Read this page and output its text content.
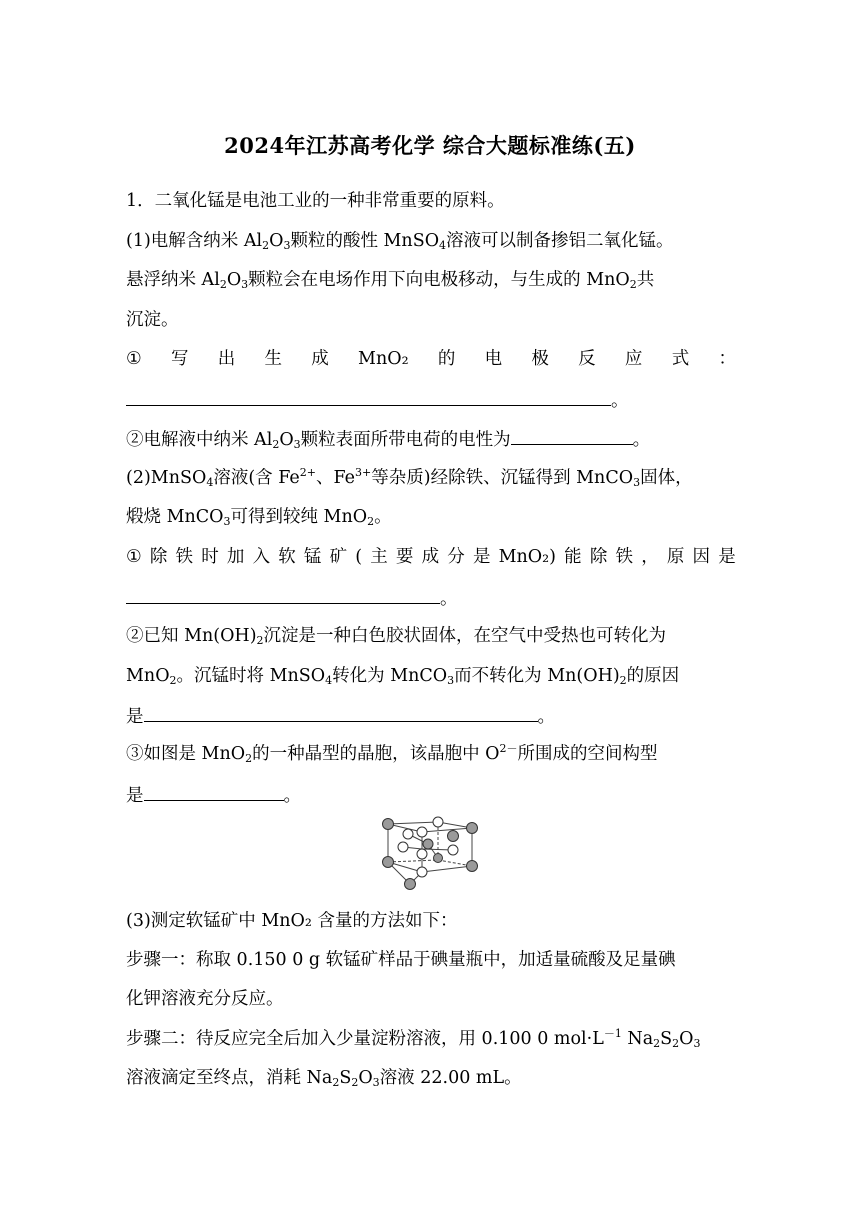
2024年江苏高考化学 综合大题标准练(五)
1．二氧化锰是电池工业的一种非常重要的原料。
(1)电解含纳米 $Al_2O_3$颗粒的酸性 MnSO$_4$溶液可以制备掺铝二氧化锰。
悬浮纳米 $Al_2O_3$颗粒会在电场作用下向电极移动，与生成的 MnO$_2$共
沉淀。
① 写 出 生 成 MnO₂ 的 电 极 反 应 式 ：
。
②电解液中纳米 $Al_2O_3$颗粒表面所带电荷的电性为	。
(2)MnSO$_4$溶液(含 $Fe^{2+}$、$Fe^{3+}$等杂质)经除铁、沉锰得到 MnCO$_3$固体，
煅烧 MnCO$_3$可得到较纯 MnO$_2$。
① 除 铁 时 加 入 软 锰 矿 ( 主 要 成 分 是 MnO₂) 能 除 铁 ， 原 因 是
。
②已知 $Mn(OH)_2$沉淀是一种白色胶状固体，在空气中受热也可转化为
MnO$_2$。沉锰时将 MnSO$_4$转化为 MnCO$_3$而不转化为 $Mn(OH)_2$的原因
是	。
③如图是 MnO$_2$的一种晶型的晶胞，该晶胞中 $O^{2-}$所围成的空间构型
是	。
(3)测定软锰矿中 MnO₂ 含量的方法如下：
步骤一：称取 0.150 0 g 软锰矿样品于碘量瓶中，加适量硫酸及足量碘
化钾溶液充分反应。
步骤二：待反应完全后加入少量淀粉溶液，用 0.100 0 $mol\cdot L^{-1}$ $Na_2S_2O_3$
溶液滴定至终点，消耗 $Na_2S_2O_3$溶液 22.00 mL。
